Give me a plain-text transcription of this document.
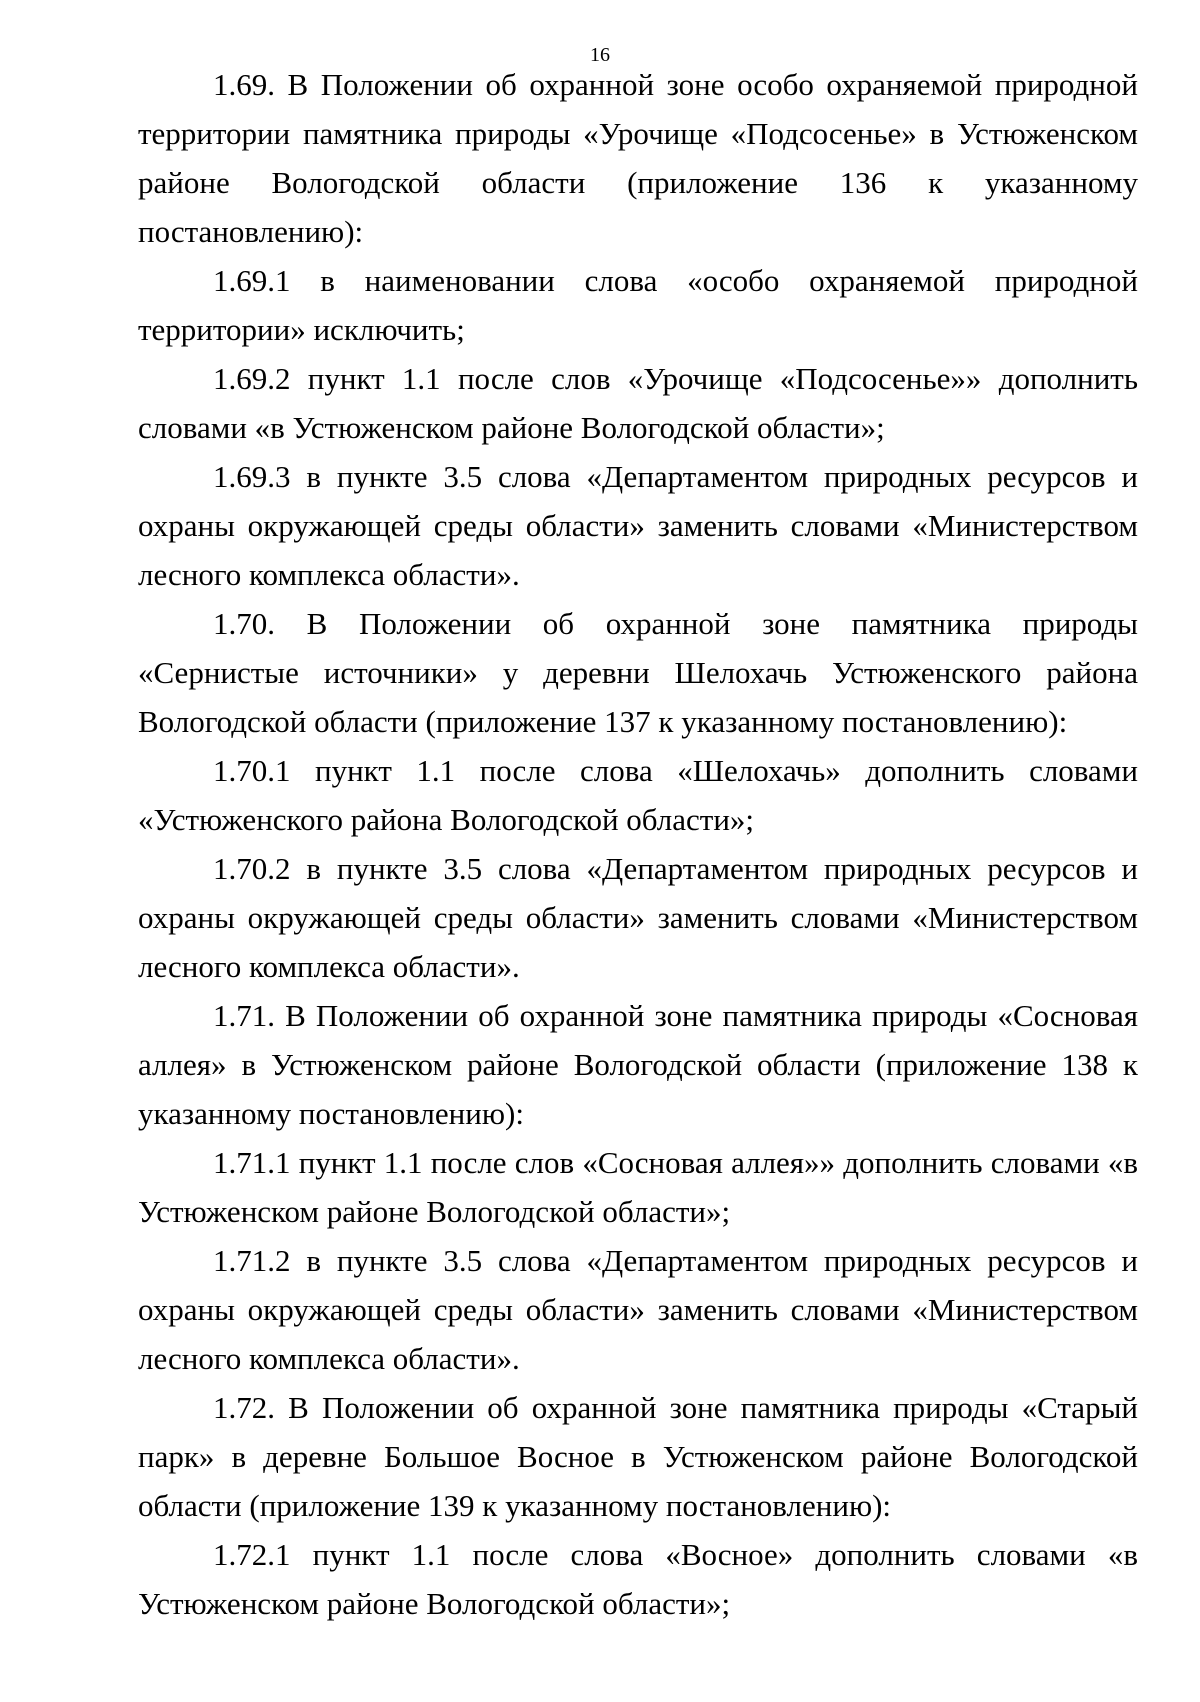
16

1.69. В Положении об охранной зоне особо охраняемой природной территории памятника природы «Урочище «Подсосенье» в Устюженском районе Вологодской области (приложение 136 к указанному постановлению):

1.69.1 в наименовании слова «особо охраняемой природной территории» исключить;

1.69.2 пункт 1.1 после слов «Урочище «Подсосенье»» дополнить словами «в Устюженском районе Вологодской области»;

1.69.3 в пункте 3.5 слова «Департаментом природных ресурсов и охраны окружающей среды области» заменить словами «Министерством лесного комплекса области».

1.70. В Положении об охранной зоне памятника природы «Сернистые источники» у деревни Шелохачь Устюженского района Вологодской области (приложение 137 к указанному постановлению):

1.70.1 пункт 1.1 после слова «Шелохачь» дополнить словами «Устюженского района Вологодской области»;

1.70.2 в пункте 3.5 слова «Департаментом природных ресурсов и охраны окружающей среды области» заменить словами «Министерством лесного комплекса области».

1.71. В Положении об охранной зоне памятника природы «Сосновая аллея» в Устюженском районе Вологодской области (приложение 138 к указанному постановлению):

1.71.1 пункт 1.1 после слов «Сосновая аллея»» дополнить словами «в Устюженском районе Вологодской области»;

1.71.2 в пункте 3.5 слова «Департаментом природных ресурсов и охраны окружающей среды области» заменить словами «Министерством лесного комплекса области».

1.72. В Положении об охранной зоне памятника природы «Старый парк» в деревне Большое Восное в Устюженском районе Вологодской области (приложение 139 к указанному постановлению):

1.72.1 пункт 1.1 после слова «Восное» дополнить словами «в Устюженском районе Вологодской области»;
